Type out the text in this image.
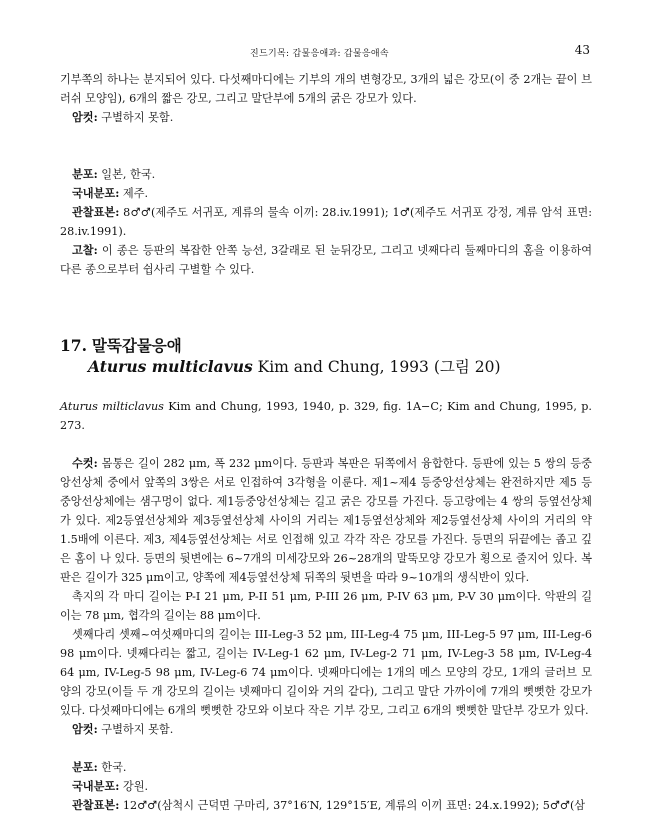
진드기목: 갑물응애과: 갑물응애속	43

기부쪽의 하나는 분지되어 있다. 다섯째마디에는 기부의 개의 변형강모, 3개의 넓은 강모(이 중 2개는 끝이 브러쉬 모양임), 6개의 짧은 강모, 그리고 말단부에 5개의 굵은 강모가 있다.

암컷: 구별하지 못함.

분포: 일본, 한국.

국내분포: 제주.

관찰표본: 8♂♂(제주도 서귀포, 계류의 물속 이끼: 28.iv.1991); 1♂(제주도 서귀포 강정, 계류 암석 표면: 28.iv.1991).

고찰: 이 종은 등판의 복잡한 안쪽 능선, 3갈래로 된 눈뒤강모, 그리고 넷째다리 둘째마디의 홈을 이용하여 다른 종으로부터 쉽사리 구별할 수 있다.

17. 말뚝갑물응애

Aturus multiclavus Kim and Chung, 1993 (그림 20)

Aturus milticlavus Kim and Chung, 1993, 1940, p. 329, fig. 1A−C; Kim and Chung, 1995, p. 273.

수컷: 몸통은 길이 282 μm, 폭 232 μm이다. 등판과 복판은 뒤쪽에서 융합한다. 등판에 있는 5 쌍의 등중앙선상체 중에서 앞쪽의 3쌍은 서로 인접하여 3각형을 이룬다. 제1~제4 등중앙선상체는 완전하지만 제5 등중앙선상체에는 샘구멍이 없다. 제1등중앙선상체는 길고 굵은 강모를 가진다. 등고랑에는 4 쌍의 등옆선상체가 있다. 제2등옆선상체와 제3등옆선상체 사이의 거리는 제1등옆선상체와 제2등옆선상체 사이의 거리의 약 1.5배에 이른다. 제3, 제4등옆선상체는 서로 인접해 있고 각각 작은 강모를 가진다. 등면의 뒤끝에는 좁고 깊은 홈이 나 있다. 등면의 뒷변에는 6~7개의 미세강모와 26~28개의 말뚝모양 강모가 횡으로 줄지어 있다. 복판은 길이가 325 μm이고, 양쪽에 제4등옆선상체 뒤쪽의 뒷변을 따라 9~10개의 생식반이 있다.

촉지의 각 마디 길이는 P-I 21 μm, P-II 51 μm, P-III 26 μm, P-IV 63 μm, P-V 30 μm이다. 악판의 길이는 78 μm, 협각의 길이는 88 μm이다.

셋째다리 셋째~여섯째마디의 길이는 III-Leg-3 52 μm, III-Leg-4 75 μm, III-Leg-5 97 μm, III-Leg-6 98 μm이다. 넷째다리는 짧고, 길이는 IV-Leg-1 62 μm, IV-Leg-2 71 μm, IV-Leg-3 58 μm, IV-Leg-4 64 μm, IV-Leg-5 98 μm, IV-Leg-6 74 μm이다. 넷째마디에는 1개의 메스 모양의 강모, 1개의 글러브 모양의 강모(이들 두 개 강모의 길이는 넷째마디 길이와 거의 같다), 그리고 말단 가까이에 7개의 뻣뻣한 강모가 있다. 다섯째마디에는 6개의 뻣뻣한 강모와 이보다 작은 기부 강모, 그리고 6개의 뻣뻣한 말단부 강모가 있다.

암컷: 구별하지 못함.

분포: 한국.

국내분포: 강원.

관찰표본: 12♂♂(삼척시 근덕면 구마리, 37°16′N, 129°15′E, 계류의 이끼 표면: 24.x.1992); 5♂♂(삼
